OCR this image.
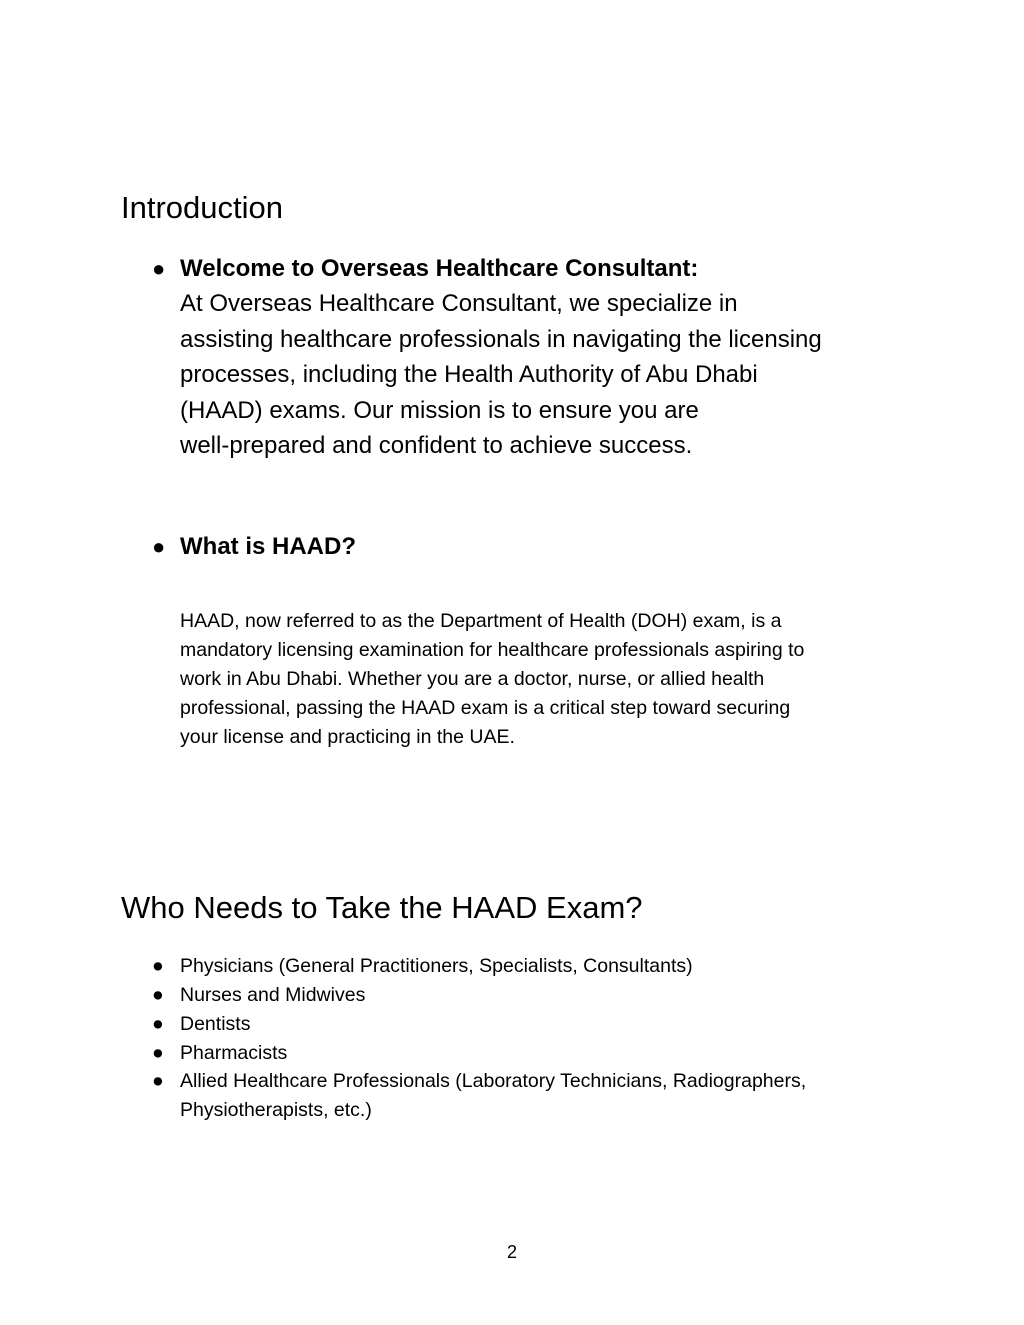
Introduction
● Welcome to Overseas Healthcare Consultant:
At Overseas Healthcare Consultant, we specialize in
assisting healthcare professionals in navigating the licensing
processes, including the Health Authority of Abu Dhabi
(HAAD) exams. Our mission is to ensure you are
well-prepared and confident to achieve success.
● What is HAAD?
HAAD, now referred to as the Department of Health (DOH) exam, is a
mandatory licensing examination for healthcare professionals aspiring to
work in Abu Dhabi. Whether you are a doctor, nurse, or allied health
professional, passing the HAAD exam is a critical step toward securing
your license and practicing in the UAE.
Who Needs to Take the HAAD Exam?
● Physicians (General Practitioners, Specialists, Consultants)
● Nurses and Midwives
● Dentists
● Pharmacists
● Allied Healthcare Professionals (Laboratory Technicians, Radiographers,
Physiotherapists, etc.)
2
